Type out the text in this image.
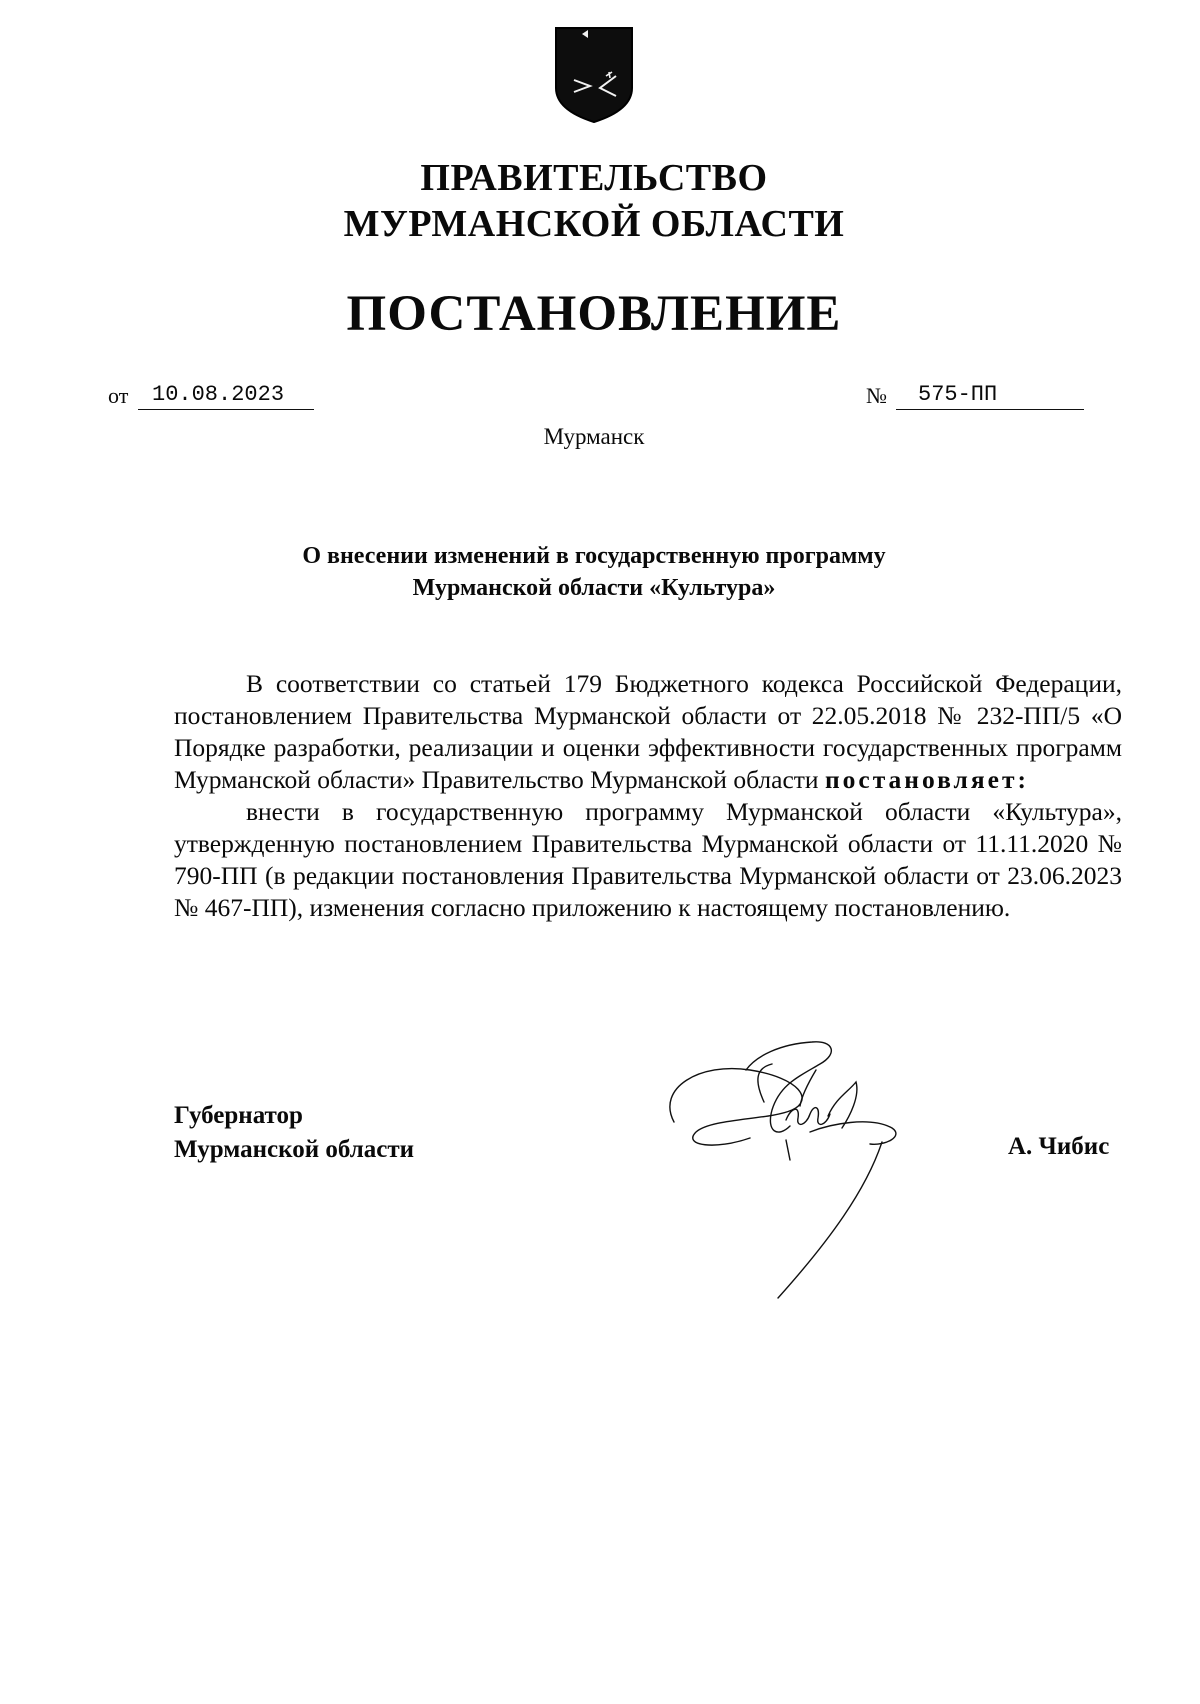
ПРАВИТЕЛЬСТВО
МУРМАНСКОЙ ОБЛАСТИ
ПОСТАНОВЛЕНИЕ
от	10.08.2023	№	575-ПП
Мурманск
О внесении изменений в государственную программу
Мурманской области «Культура»

В соответствии со статьей 179 Бюджетного кодекса Российской Федерации, постановлением Правительства Мурманской области от 22.05.2018 № 232-ПП/5 «О Порядке разработки, реализации и оценки эффективности государственных программ Мурманской области» Правительство Мурманской области постановляет:

внести в государственную программу Мурманской области «Культура», утвержденную постановлением Правительства Мурманской области от 11.11.2020 № 790-ПП (в редакции постановления Правительства Мурманской области от 23.06.2023 № 467-ПП), изменения согласно приложению к настоящему постановлению.

Губернатор
Мурманской области	А. Чибис
